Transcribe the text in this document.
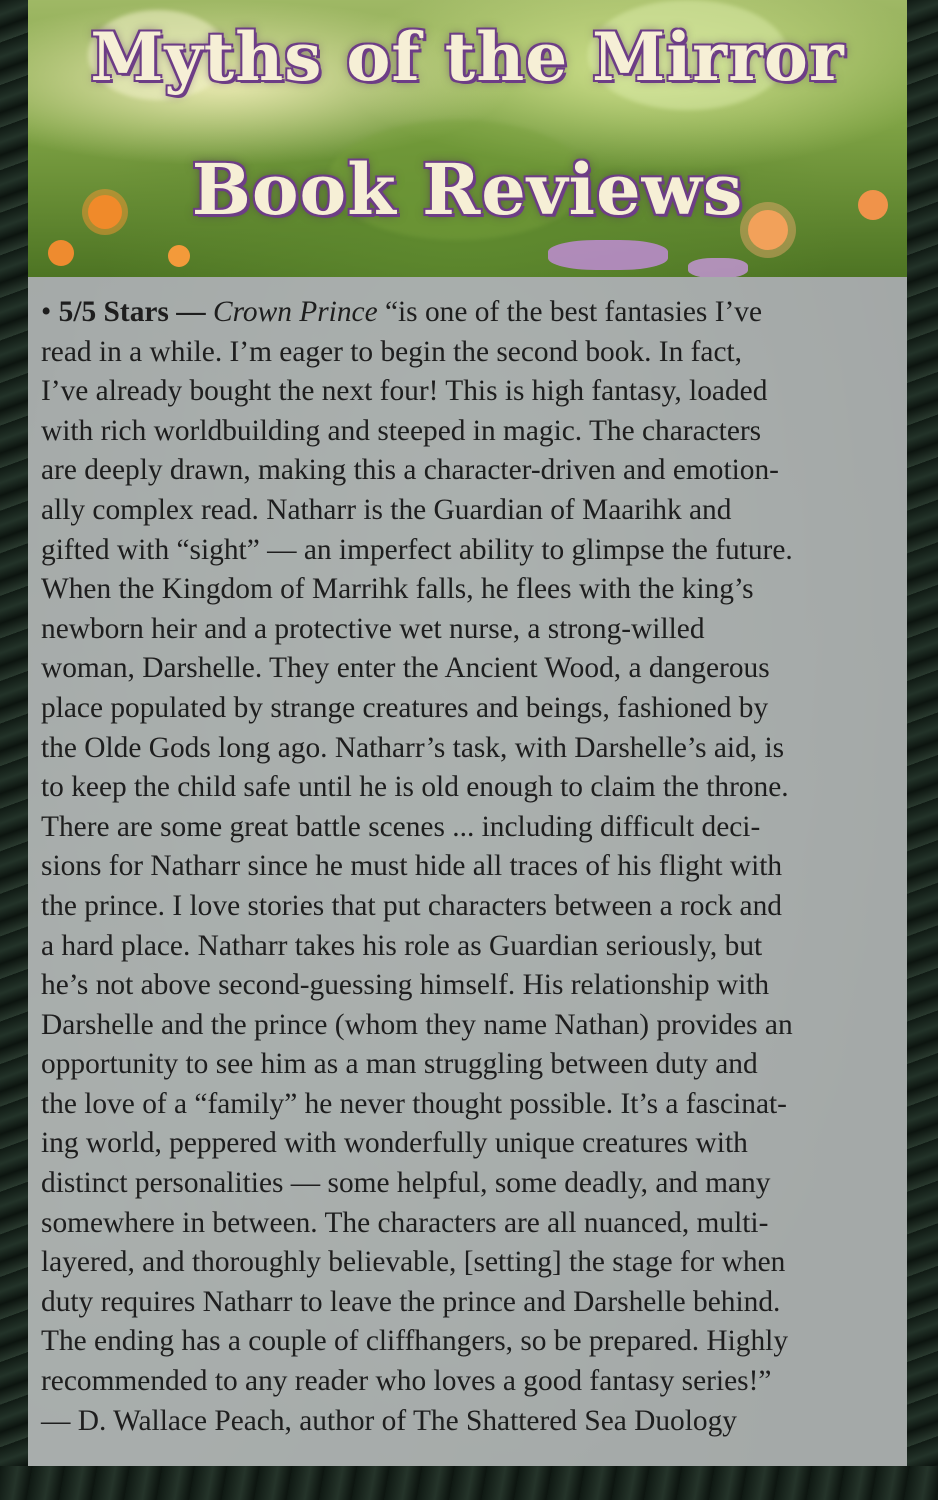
Myths of the Mirror
Book Reviews

• 5/5 Stars — Crown Prince “is one of the best fantasies I’ve
read in a while. I’m eager to begin the second book. In fact,
I’ve already bought the next four! This is high fantasy, loaded
with rich worldbuilding and steeped in magic. The characters
are deeply drawn, making this a character-driven and emotion-
ally complex read. Natharr is the Guardian of Maarihk and
gifted with “sight” — an imperfect ability to glimpse the future.
When the Kingdom of Marrihk falls, he flees with the king’s
newborn heir and a protective wet nurse, a strong-willed
woman, Darshelle. They enter the Ancient Wood, a dangerous
place populated by strange creatures and beings, fashioned by
the Olde Gods long ago. Natharr’s task, with Darshelle’s aid, is
to keep the child safe until he is old enough to claim the throne.
There are some great battle scenes ... including difficult deci-
sions for Natharr since he must hide all traces of his flight with
the prince. I love stories that put characters between a rock and
a hard place. Natharr takes his role as Guardian seriously, but
he’s not above second-guessing himself. His relationship with
Darshelle and the prince (whom they name Nathan) provides an
opportunity to see him as a man struggling between duty and
the love of a “family” he never thought possible. It’s a fascinat-
ing world, peppered with wonderfully unique creatures with
distinct personalities — some helpful, some deadly, and many
somewhere in between. The characters are all nuanced, multi-
layered, and thoroughly believable, [setting] the stage for when
duty requires Natharr to leave the prince and Darshelle behind.
The ending has a couple of cliffhangers, so be prepared. Highly
recommended to any reader who loves a good fantasy series!”
— D. Wallace Peach, author of The Shattered Sea Duology
